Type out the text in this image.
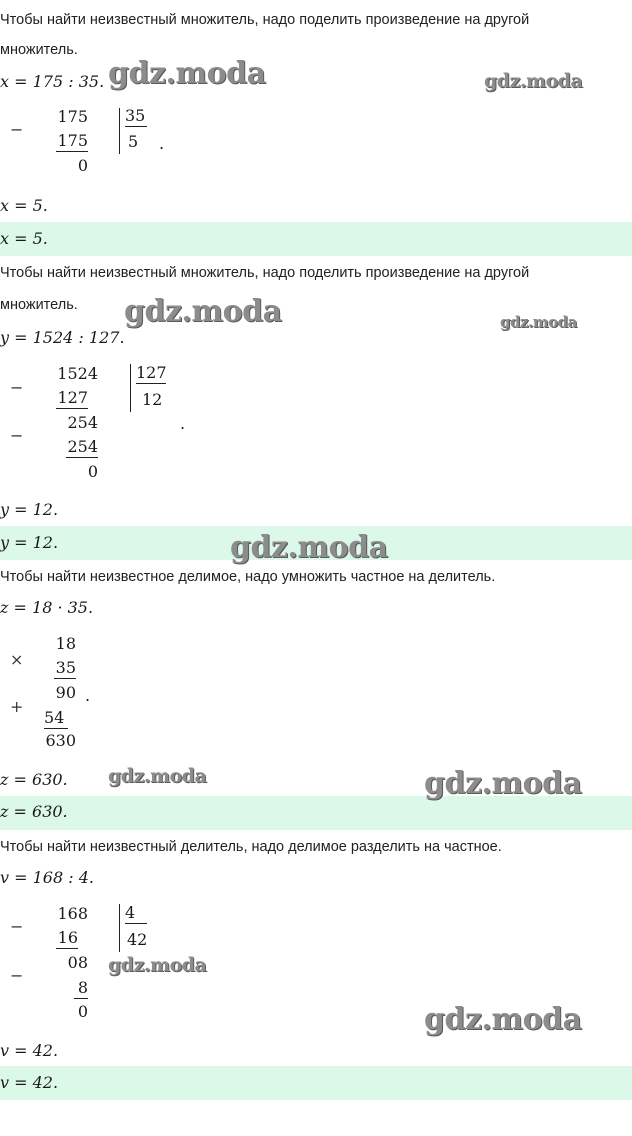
Чтобы найти неизвестный множитель, надо поделить произведение на другой
множитель.
x = 175 : 35.
−
175
175
0
35
5 .
x = 5.
x = 5.
Чтобы найти неизвестный множитель, надо поделить произведение на другой
множитель.
y = 1524 : 127.
−
1524
127
−
254
254
0
127
12
.
y = 12.
y = 12.
Чтобы найти неизвестное делимое, надо умножить частное на делитель.
z = 18 · 35.
×
18
35
90 .
+
54
630
z = 630.
z = 630.
Чтобы найти неизвестный делитель, надо делимое разделить на частное.
v = 168 : 4.
−
168
16
−
08
8
0
4
42
v = 42.
v = 42.
gdz.moda	gdz.moda
gdz.moda	gdz.moda
gdz.moda
gdz.moda	gdz.moda
gdz.moda
gdz.moda
